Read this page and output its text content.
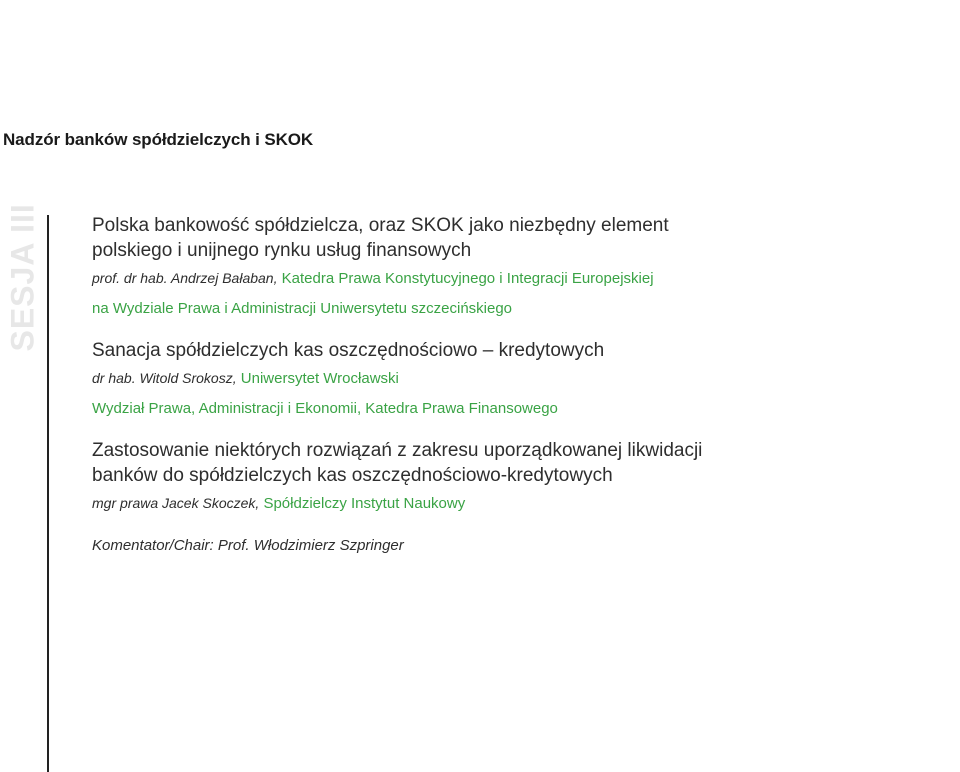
Nadzór banków spółdzielczych i SKOK
SESJA III	Polska bankowość spółdzielcza, oraz SKOK jako niezbędny element

polskiego i unijnego rynku usług finansowych

prof. dr hab. Andrzej Bałaban, Katedra Prawa Konstytucyjnego i Integracji Europejskiej

na Wydziale Prawa i Administracji Uniwersytetu szczecińskiego

Sanacja spółdzielczych kas oszczędnościowo – kredytowych

dr hab. Witold Srokosz, Uniwersytet Wrocławski

Wydział Prawa, Administracji i Ekonomii, Katedra Prawa Finansowego

Zastosowanie niektórych rozwiązań z zakresu uporządkowanej likwidacji

banków do spółdzielczych kas oszczędnościowo-kredytowych

mgr prawa Jacek Skoczek, Spółdzielczy Instytut Naukowy

Komentator/Chair: Prof. Włodzimierz Szpringer
